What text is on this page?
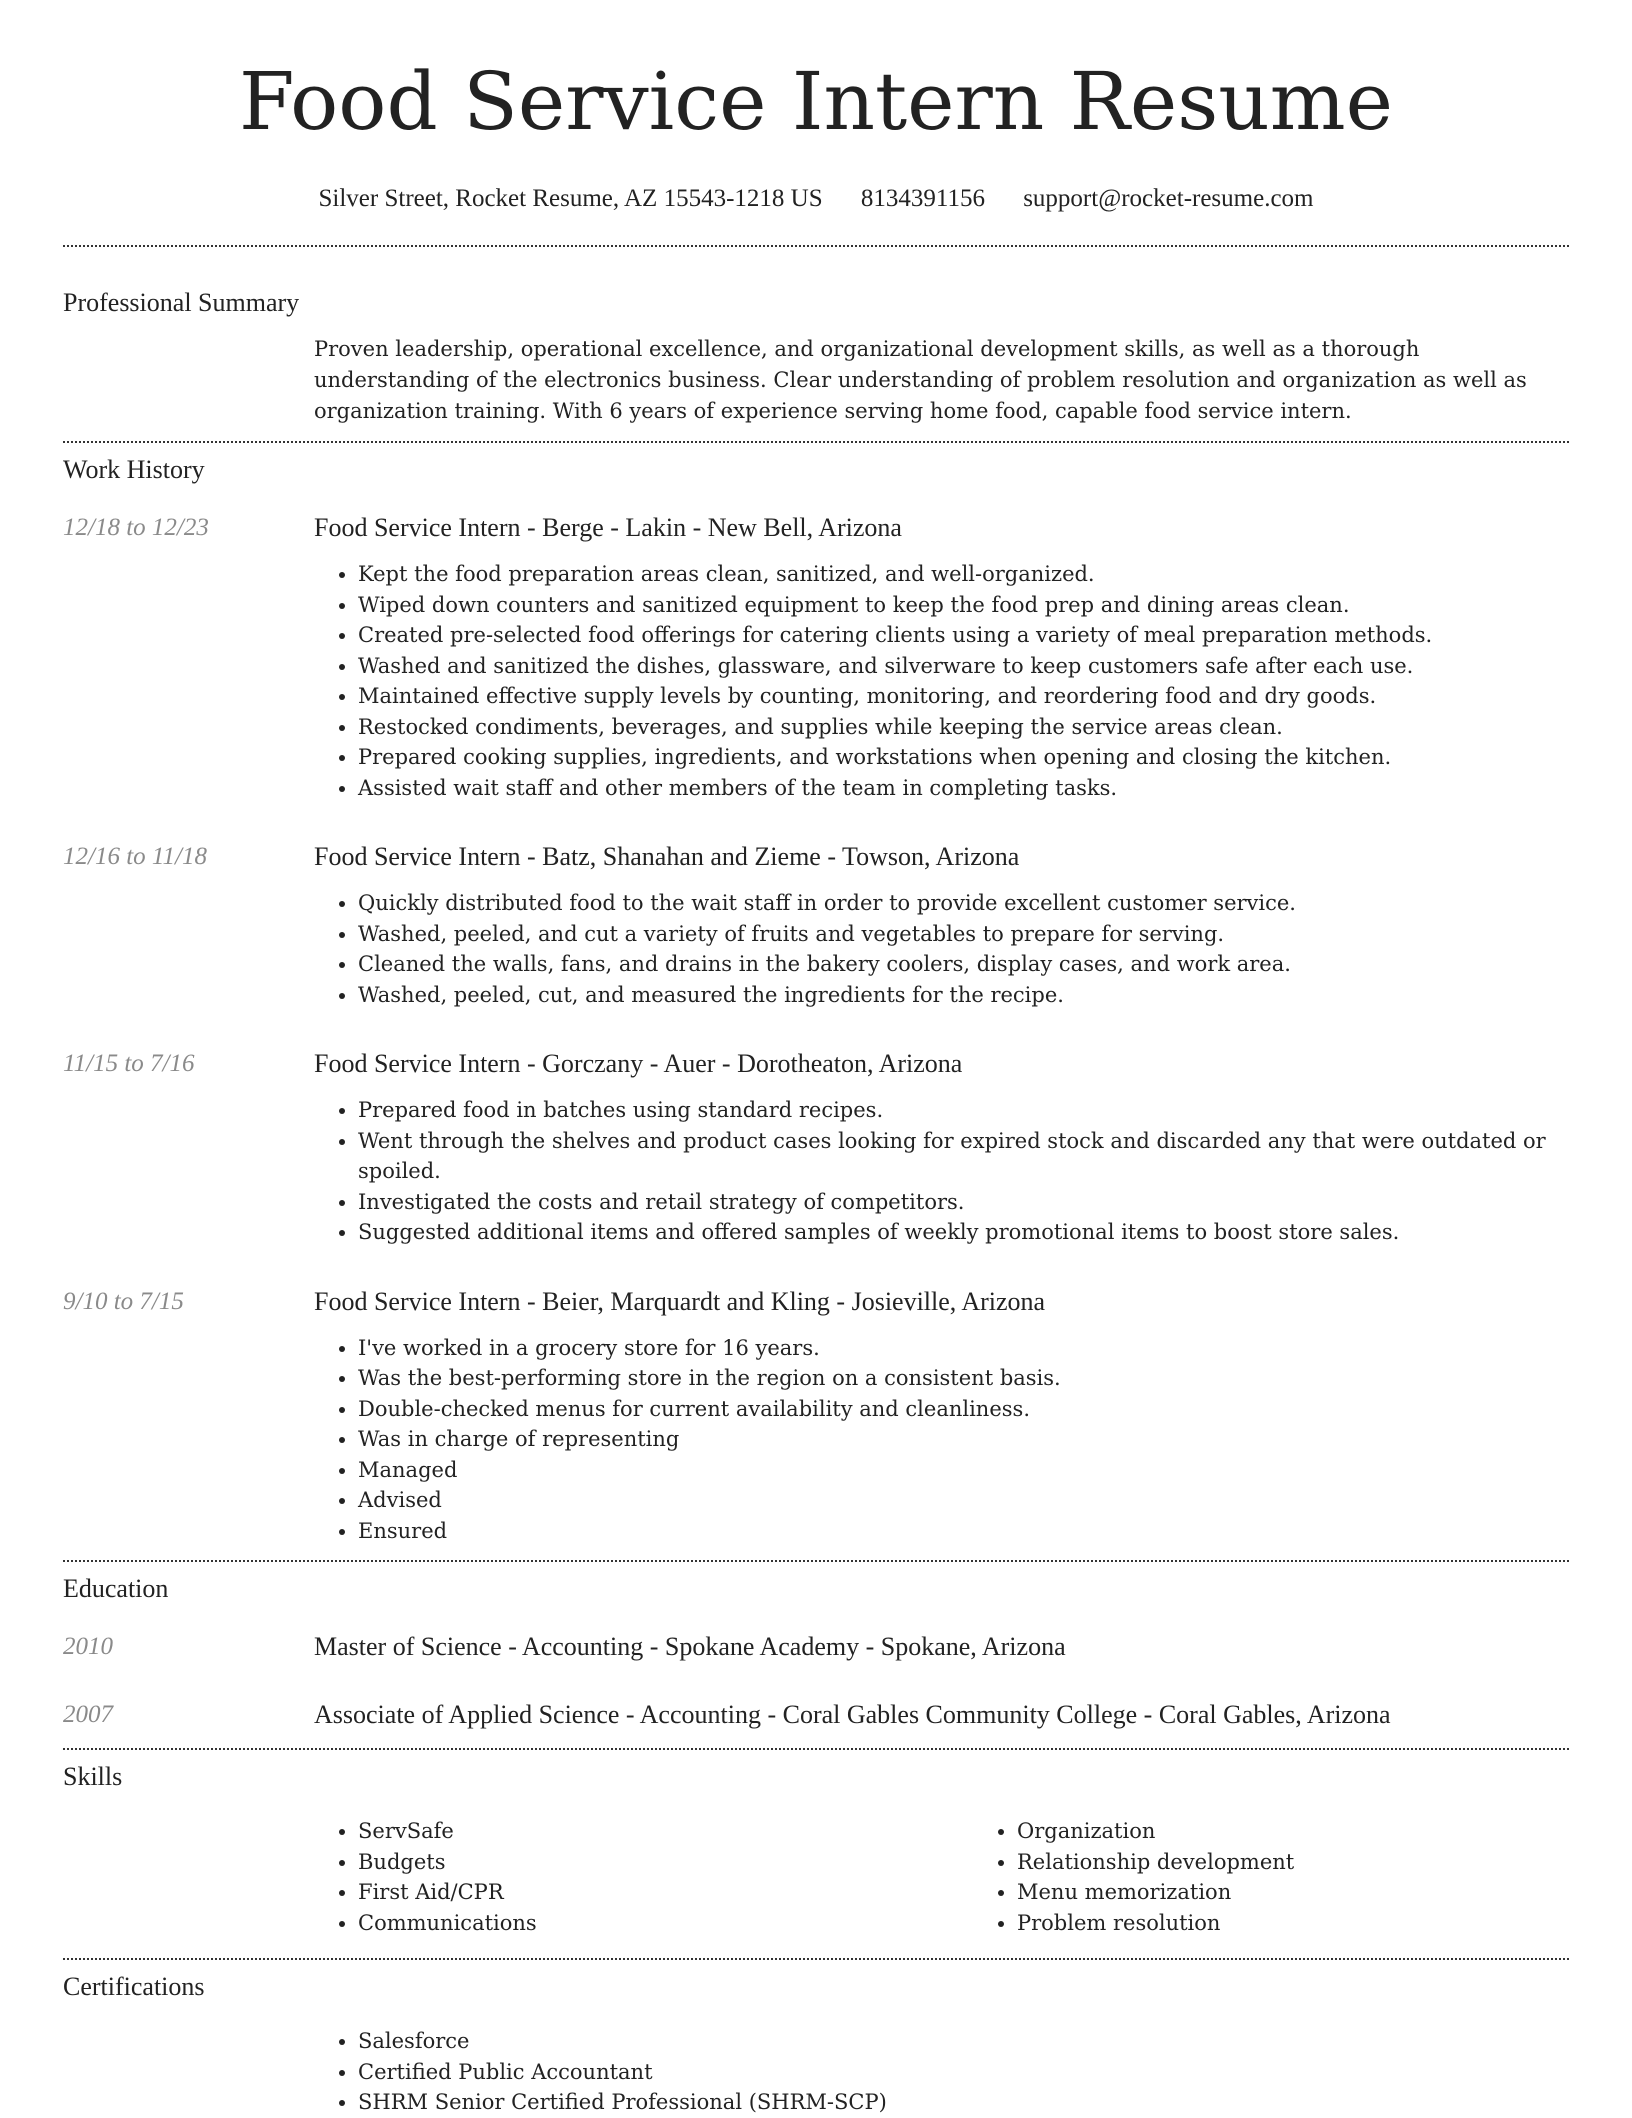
Food Service Intern Resume
Silver Street, Rocket Resume, AZ 15543-1218 US 8134391156 support@rocket-resume.com
Professional Summary

Proven leadership, operational excellence, and organizational development skills, as well as a thorough understanding of the electronics business. Clear understanding of problem resolution and organization as well as organization training. With 6 years of experience serving home food, capable food service intern.

Work History
12/18 to 12/23	Food Service Intern - Berge - Lakin - New Bell, Arizona
• Kept the food preparation areas clean, sanitized, and well-organized.
• Wiped down counters and sanitized equipment to keep the food prep and dining areas clean.
• Created pre-selected food offerings for catering clients using a variety of meal preparation methods.
• Washed and sanitized the dishes, glassware, and silverware to keep customers safe after each use.
• Maintained effective supply levels by counting, monitoring, and reordering food and dry goods.
• Restocked condiments, beverages, and supplies while keeping the service areas clean.
• Prepared cooking supplies, ingredients, and workstations when opening and closing the kitchen.
• Assisted wait staff and other members of the team in completing tasks.
12/16 to 11/18	Food Service Intern - Batz, Shanahan and Zieme - Towson, Arizona
• Quickly distributed food to the wait staff in order to provide excellent customer service.
• Washed, peeled, and cut a variety of fruits and vegetables to prepare for serving.
• Cleaned the walls, fans, and drains in the bakery coolers, display cases, and work area.
• Washed, peeled, cut, and measured the ingredients for the recipe.
11/15 to 7/16	Food Service Intern - Gorczany - Auer - Dorotheaton, Arizona
• Prepared food in batches using standard recipes.
• Went through the shelves and product cases looking for expired stock and discarded any that were outdated or spoiled.
• Investigated the costs and retail strategy of competitors.
• Suggested additional items and offered samples of weekly promotional items to boost store sales.
9/10 to 7/15	Food Service Intern - Beier, Marquardt and Kling - Josieville, Arizona
• I've worked in a grocery store for 16 years.
• Was the best-performing store in the region on a consistent basis.
• Double-checked menus for current availability and cleanliness.
• Was in charge of representing
• Managed
• Advised
• Ensured
Education
2010	Master of Science - Accounting - Spokane Academy - Spokane, Arizona
2007	Associate of Applied Science - Accounting - Coral Gables Community College - Coral Gables, Arizona
Skills
• ServSafe
• Budgets
• First Aid/CPR
• Communications
• Organization
• Relationship development
• Menu memorization
• Problem resolution
Certifications
• Salesforce
• Certified Public Accountant
• SHRM Senior Certified Professional (SHRM-SCP)
